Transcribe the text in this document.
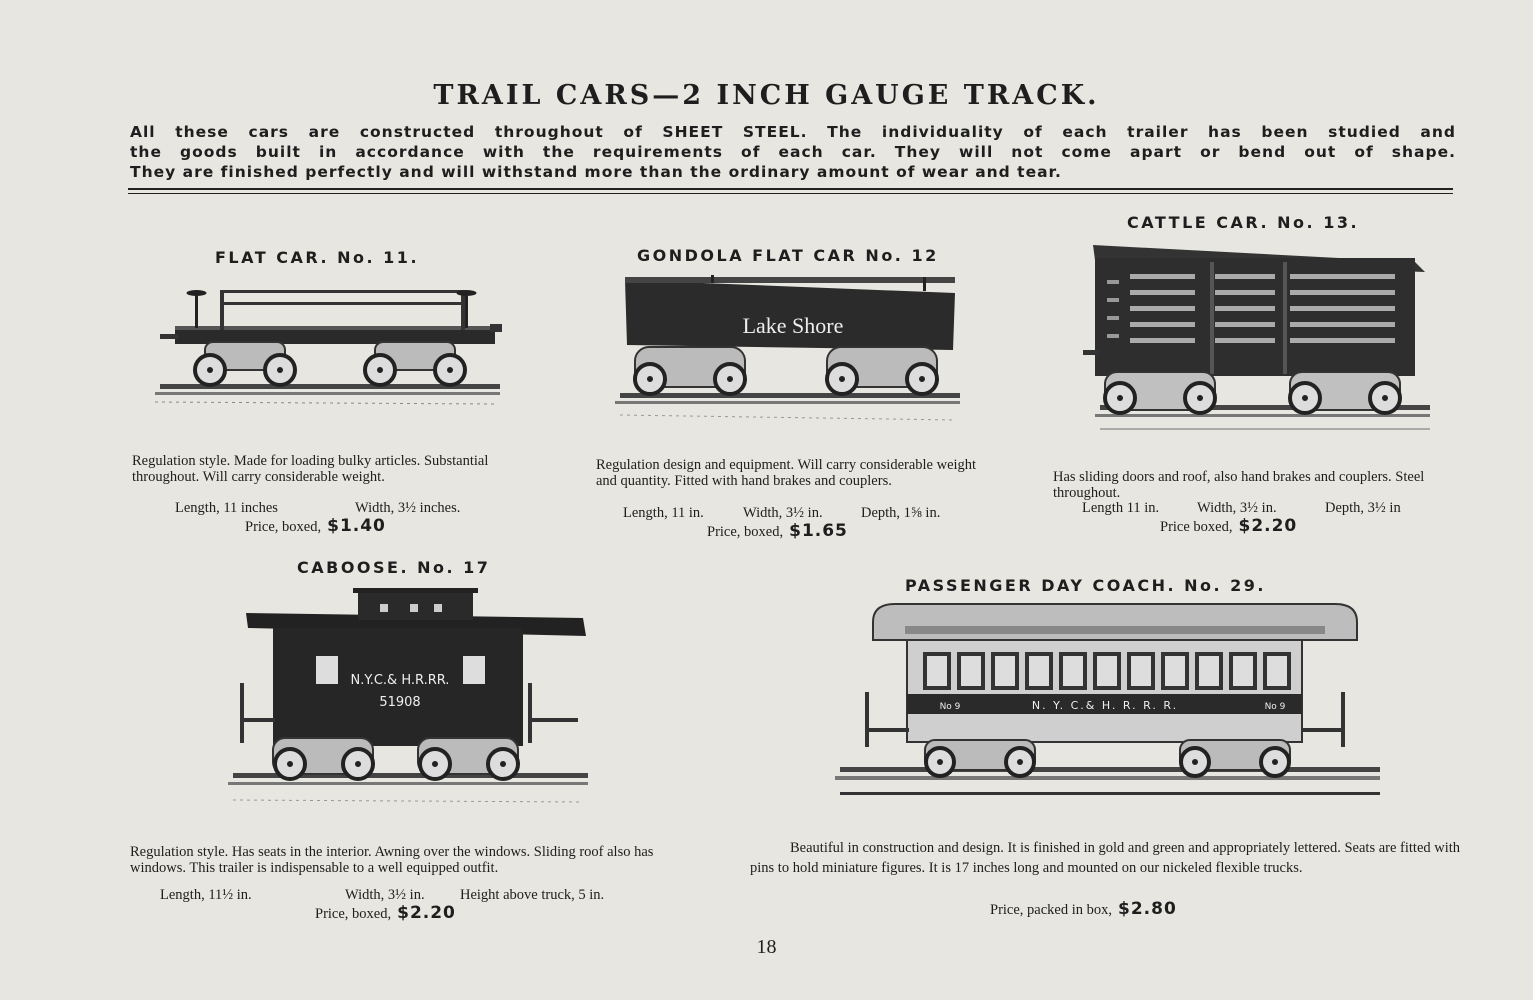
TRAIL CARS—2 INCH GAUGE TRACK.
All these cars are constructed throughout of SHEET STEEL. The individuality of each trailer has been studied and
the goods built in accordance with the requirements of each car. They will not come apart or bend out of shape.
They are finished perfectly and will withstand more than the ordinary amount of wear and tear.
FLAT CAR. No. 11.
Regulation style. Made for loading bulky articles. Substantial throughout. Will carry considerable weight.
Length, 11 inches	Width, 3½ inches.
Price, boxed, $1.40
GONDOLA FLAT CAR No. 12
Lake Shore
Regulation design and equipment. Will carry considerable weight and quantity. Fitted with hand brakes and couplers.
Length, 11 in.	Width, 3½ in.	Depth, 1⅝ in.
Price, boxed, $1.65
CATTLE CAR. No. 13.
Has sliding doors and roof, also hand brakes and couplers. Steel throughout.
Length 11 in.	Width, 3½ in.	Depth, 3½ in
Price boxed, $2.20
CABOOSE. No. 17
N.Y.C.& H.R.RR.
51908
Regulation style. Has seats in the interior. Awning over the windows. Sliding roof also has windows. This trailer is indispensable to a well equipped outfit.
Length, 11½ in.	Width, 3½ in. Height above truck, 5 in.
Price, boxed, $2.20
PASSENGER DAY COACH. No. 29.
No 9	N. Y. C.& H. R. R. R.	No 9
Beautiful in construction and design. It is finished in gold and green and appropriately lettered. Seats are fitted with pins to hold miniature figures. It is 17 inches long and mounted on our nickeled flexible trucks.
Price, packed in box, $2.80
18
